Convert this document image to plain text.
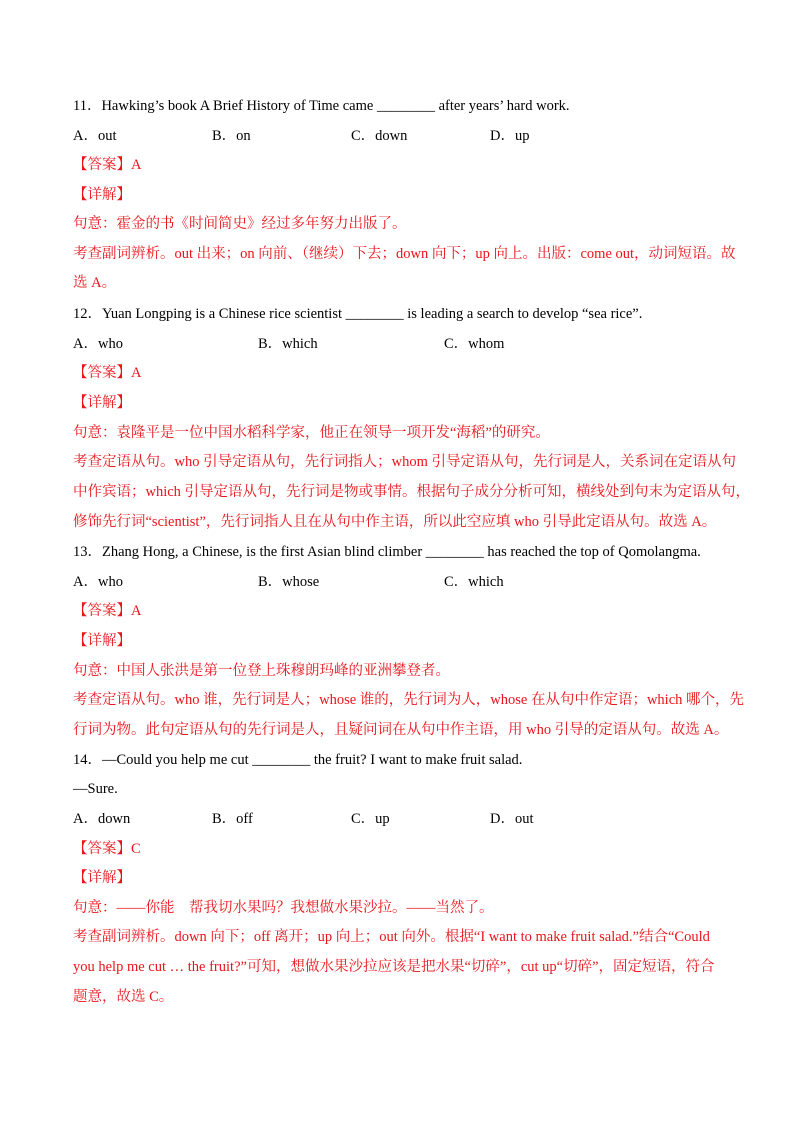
11．Hawking’s book A Brief History of Time came ________ after years’ hard work.
A．out	B．on	C．down	D．up
【答案】A
【详解】
句意：霍金的书《时间简史》经过多年努力出版了。
考查副词辨析。out 出来；on 向前、（继续）下去；down 向下；up 向上。出版：come out，动词短语。故
选 A。
12．Yuan Longping is a Chinese rice scientist ________ is leading a search to develop “sea rice”.
A．who	B．which	C．whom
【答案】A
【详解】
句意：袁隆平是一位中国水稻科学家，他正在领导一项开发“海稻”的研究。
考查定语从句。who 引导定语从句，先行词指人；whom 引导定语从句，先行词是人，关系词在定语从句
中作宾语；which 引导定语从句，先行词是物或事情。根据句子成分分析可知，横线处到句末为定语从句，
修饰先行词“scientist”，先行词指人且在从句中作主语，所以此空应填 who 引导此定语从句。故选 A。
13．Zhang Hong, a Chinese, is the first Asian blind climber ________ has reached the top of Qomolangma.
A．who	B．whose	C．which
【答案】A
【详解】
句意：中国人张洪是第一位登上珠穆朗玛峰的亚洲攀登者。
考查定语从句。who 谁，先行词是人；whose 谁的，先行词为人，whose 在从句中作定语；which 哪个，先
行词为物。此句定语从句的先行词是人，且疑问词在从句中作主语，用 who 引导的定语从句。故选 A。
14．—Could you help me cut ________ the fruit? I want to make fruit salad.
—Sure.
A．down	B．off	C．up	D．out
【答案】C
【详解】
句意：——你能　帮我切水果吗？我想做水果沙拉。——当然了。
考查副词辨析。down 向下；off 离开；up 向上；out 向外。根据“I want to make fruit salad.”结合“Could
you help me cut … the fruit?”可知，想做水果沙拉应该是把水果“切碎”，cut up“切碎”，固定短语，符合
题意，故选 C。
